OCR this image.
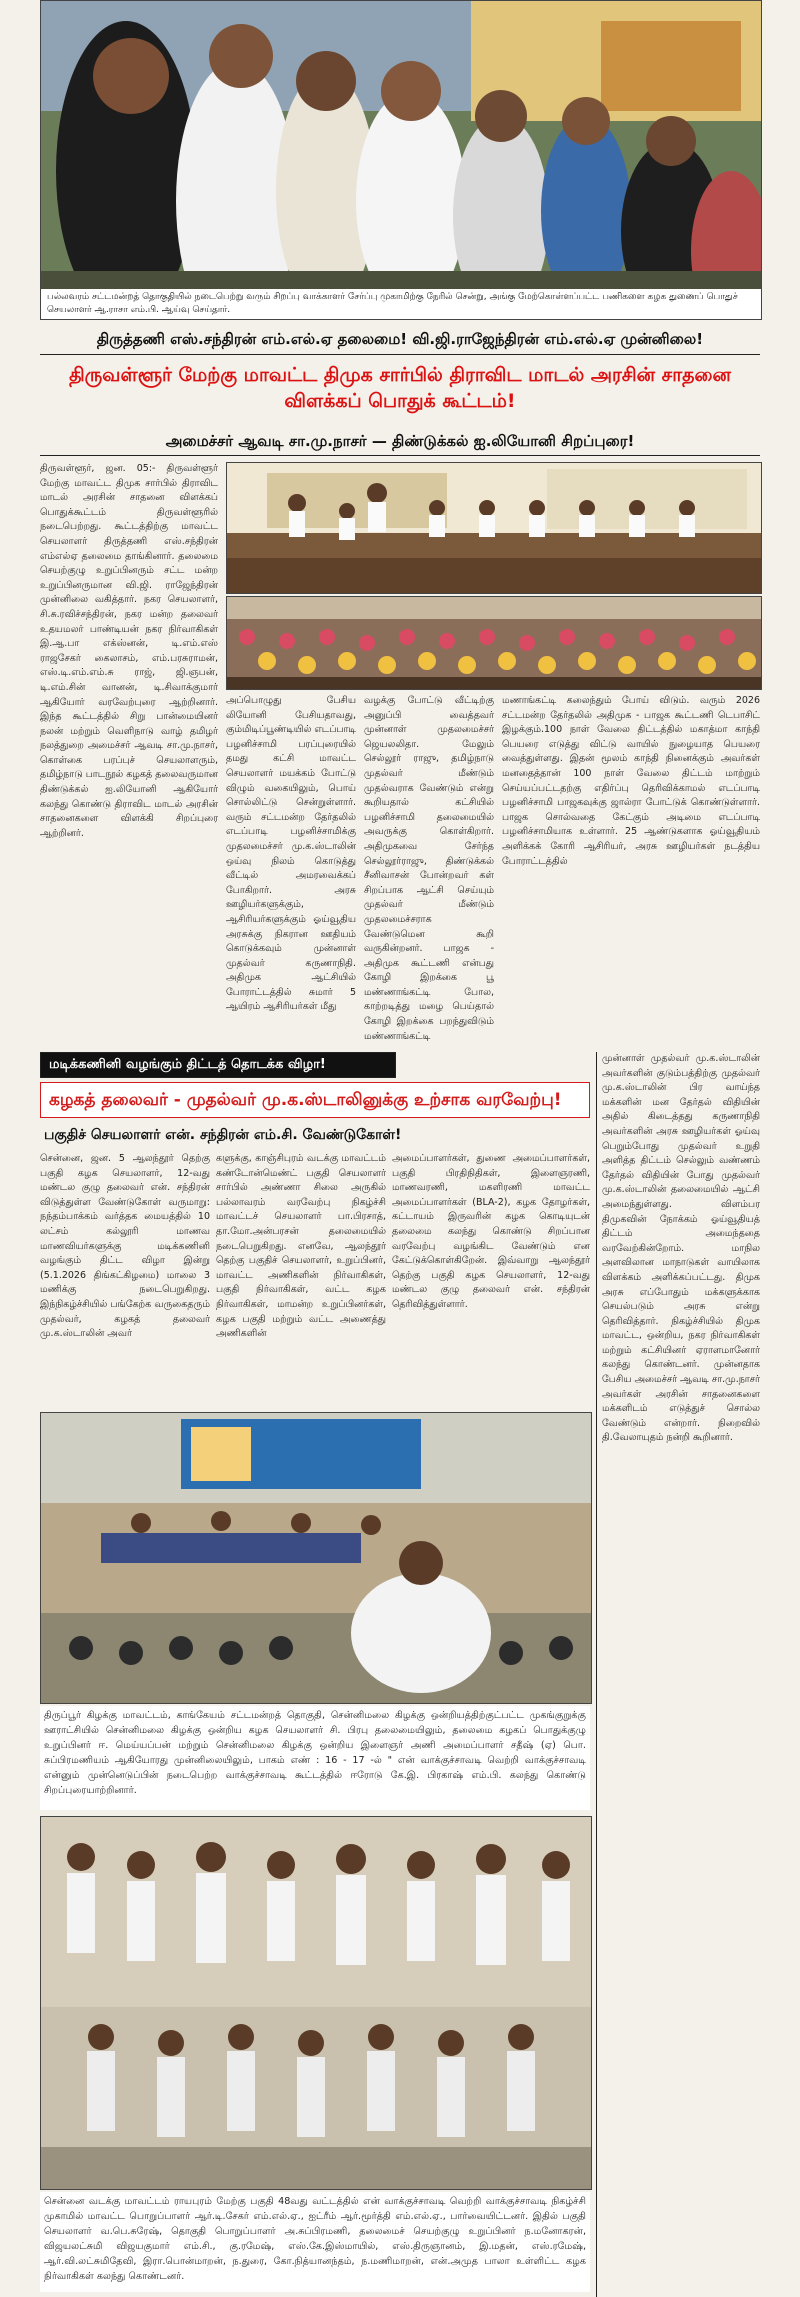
பல்லவரம் சட்டமன்றத் தொகுதியில் நடைபெற்று வரும் சிறப்பு வாக்காளர் சேர்ப்பு முகாமிற்கு நேரில் சென்று, அங்கு மேற்கொள்ளப்பட்ட பணிகளை கழக துணைப் பொதுச் செயலாளர் ஆ.ராசா எம்.பி. ஆய்வு செய்தார்.
திருத்தணி எஸ்.சந்திரன் எம்.எல்.ஏ தலைமை! வி.ஜி.ராஜேந்திரன் எம்.எல்.ஏ முன்னிலை!
திருவள்ளூர் மேற்கு மாவட்ட திமுக சார்பில் திராவிட மாடல் அரசின் சாதனை விளக்கப் பொதுக் கூட்டம்!
அமைச்சர் ஆவடி சா.மு.நாசர் — திண்டுக்கல் ஐ.லியோனி சிறப்புரை!
திருவள்ளூர், ஜன. 05:- திருவள்ளூர் மேற்கு மாவட்ட திமுக சார்பில் திராவிட மாடல் அரசின் சாதனை விளக்கப் பொதுக்கூட்டம் திருவள்ளூரில் நடைபெற்றது. கூட்டத்திற்கு மாவட்ட செயலாளர் திருத்தணி எஸ்.சந்திரன் எம்எல்ஏ தலைமை தாங்கினார். தலைமை செயற்குழு உறுப்பினரும் சட்ட மன்ற உறுப்பினருமான வி.ஜி. ராஜேந்திரன் முன்னிலை வகித்தார். நகர செயலாளர், சி.சு.ரவிச்சந்திரன், நகர மன்ற தலைவர் உதயமலர் பாண்டியன் நகர நிர்வாகிகள் இ.ஆ.பா எக்ஸ்னன், டி.எம்.எஸ் ராஜசேகர் கைலாசம், எம்.பரசுராமன், எஸ்.டி.எம்.எம்.சு ராஜ், ஜி.ஞபன், டி.எம்.சின் வானன், டி.சிவாக்குமார் ஆகியோர் வரவேற்புரை ஆற்றினார். இந்த கூட்டத்தில் சிறு பான்மையினர் நலன் மற்றும் வெளிநாடு வாழ் தமிழர் நலத்துறை அமைச்சர் ஆவடி சா.மு.நாசர், கொள்கை பரப்புச் செயலாளரும், தமிழ்நாடு பாடநூல் கழகத் தலைவருமான திண்டுக்கல் ஐ.லியோனி ஆகியோர் கலந்து கொண்டு திராவிட மாடல் அரசின் சாதனைகளை விளக்கி சிறப்புரை ஆற்றினர்.
அப்பொழுது பேசிய லியோனி பேசியதாவது, கும்மிடிப்பூண்டியில் எடப்பாடி பழனிச்சாமி பரப்புரையில் தமது கட்சி மாவட்ட செயலாளர் மயக்கம் போட்டு விழும் வகையிலும், பொய் சொல்லிட்டு சென்றுள்ளார். வரும் சட்டமன்ற தேர்தலில் எடப்பாடி பழனிச்சாமிக்கு முதலமைச்சர் மு.க.ஸ்டாலின் ஒய்வு நிலம் கொடுத்து வீட்டில் அமரவைக்கப் போகிறார். அரசு ஊழியர்களுக்கும், ஆசிரியர்களுக்கும் ஓய்வூதிய அரசுக்கு நிகரான ஊதியம் கொடுக்கவும் முன்னாள் முதல்வர் கருணாநிதி. அதிமுக ஆட்சியில் போராட்டத்தில் சுமார் 5 ஆயிரம் ஆசிரியர்கள் மீது
வழக்கு போட்டு வீட்டிற்கு அனுப்பி வைத்தவர் முன்னாள் முதலமைச்சர் ஜெயலலிதா. மேலும் செல்லூர் ராஜு, தமிழ்நாடு முதல்வர் மீண்டும் முதல்வராக வேண்டும் என்று கூறியதால் கட்சியில் பழனிச்சாமி தலைமையில் அவருக்கு கொள்கிறார். அதிமுகவை சேர்ந்த செல்லூர்ராஜு, திண்டுக்கல் சீனிவாசன் போன்றவர் கள் சிறப்பாக ஆட்சி செய்யும் முதல்வர் மீண்டும் முதலமைச்சராக வேண்டுமென கூறி வருகின்றனர். பாஜக - அதிமுக கூட்டணி என்பது கோழி இறக்கை பூ மண்ணாங்கட்டி போல, காற்றடித்து மழை பெய்தால் கோழி இறக்கை பறந்துவிடும் மண்ணாங்கட்டி
மணாங்கட்டி கலைந்தும் போய் விடும். வரும் 2026 சட்டமன்ற தேர்தலில் அதிமுக - பாஜக கூட்டணி டெபாசிட் இழக்கும்.100 நாள் வேலை திட்டத்தில் மகாத்மா காந்தி பெயரை எடுத்து விட்டு வாயில் நுழையாத பெயரை வைத்துள்ளது. இதன் மூலம் காந்தி நினைக்கும் அவர்கள் மனதைத்தான் 100 நாள் வேலை திட்டம் மாற்றும் செய்யப்பட்டதற்கு எதிர்ப்பு தெரிவிக்காமல் எடப்பாடி பழனிச்சாமி பாஜகவுக்கு ஜால்ரா போட்டுக் கொண்டுள்ளார். பாஜக சொல்வதை கேட்கும் அடிமை எடப்பாடி பழனிச்சாமியாக உள்ளார். 25 ஆண்டுகளாக ஓய்வூதியம் அளிக்கக் கோரி ஆசிரியர், அரசு ஊழியர்கள் நடத்திய போராட்டத்தில்
மடிக்கணினி வழங்கும் திட்டத் தொடக்க விழா!
கழகத் தலைவர் - முதல்வர் மு.க.ஸ்டாலினுக்கு உற்சாக வரவேற்பு!
பகுதிச் செயலாளர் என். சந்திரன் எம்.சி. வேண்டுகோள்!
சென்னை, ஜன. 5 ஆலந்தூர் தெற்கு பகுதி கழக செயலாளர், 12-வது மண்டல குழு தலைவர் என். சந்திரன் விடுத்துள்ள வேண்டுகோள் வருமாறு: நந்தம்பாக்கம் வர்த்தக மையத்தில் 10 லட்சம் கல்லூரி மாணவ மாணவியர்களுக்கு மடிக்கணினி வழங்கும் திட்ட விழா இன்று (5.1.2026 திங்கட்கிழமை) மாலை 3 மணிக்கு நடைபெறுகிறது. இந்நிகழ்ச்சியில் பங்கேற்க வருகைதரும் முதல்வர், கழகத் தலைவர் மு.க.ஸ்டாலின் அவர்
களுக்கு, காஞ்சிபுரம் வடக்கு மாவட்டம் கண்டோன்மெண்ட் பகுதி செயலாளர் சார்பில் அண்ணா சிலை அருகில் பல்லாவரம் வரவேற்பு நிகழ்ச்சி மாவட்டச் செயலாளர் பா.பிரசாத், தா.மோ.அன்பரசன் தலைமையில் நடைபெறுகிறது. எனவே, ஆலந்தூர் தெற்கு பகுதிச் செயலாளர், உறுப்பினர், மாவட்ட அணிகளின் நிர்வாகிகள், பகுதி நிர்வாகிகள், வட்ட கழக நிர்வாகிகள், மாமன்ற உறுப்பினர்கள், கழக பகுதி மற்றும் வட்ட அணைத்து அணிகளின்
அமைப்பாளர்கள், துணை அமைப்பாளர்கள், பகுதி பிரதிநிதிகள், இளைஞரணி, மாணவரணி, மகளிரணி மாவட்ட அமைப்பாளர்கள் (BLA-2), கழக தோழர்கள், கட்டாயம் இருவரின் கழக கொடியுடன் தலைமை கலந்து கொண்டு சிறப்பான வரவேற்பு வழங்கிட வேண்டும் என கேட்டுக்கொள்கிறேன். இவ்வாறு ஆலந்தூர் தெற்கு பகுதி கழக செயலாளர், 12-வது மண்டல குழு தலைவர் என். சந்திரன் தெரிவித்துள்ளார்.
முன்னாள் முதல்வர் மு.க.ஸ்டாலின் அவர்களின் குடும்பத்திற்கு முதல்வர் மு.க.ஸ்டாலின் பிர வாய்ந்த மக்களின் மன தேர்தல் விதியின் அதில் கிடைத்தது கருணாநிதி அவர்களின் அரசு ஊழியர்கள் ஓய்வு பெறும்போது முதல்வர் உறுதி அளித்த திட்டம் செல்லும் வண்ணம் தேர்தல் விதியின் போது முதல்வர் மு.க.ஸ்டாலின் தலைமையில் ஆட்சி அமைந்துள்ளது. விளம்பர திமுகவின் நோக்கம் ஓய்வூதியத் திட்டம் அமைந்ததை வரவேற்கின்றோம். மாநில அளவிலான மாநாடுகள் வாயிலாக விளக்கம் அளிக்கப்பட்டது. திமுக அரசு எப்போதும் மக்களுக்காக செயல்படும் அரசு என்று தெரிவித்தார். நிகழ்ச்சியில் திமுக மாவட்ட, ஒன்றிய, நகர நிர்வாகிகள் மற்றும் கட்சியினர் ஏராளமானோர் கலந்து கொண்டனர். முன்னதாக பேசிய அமைச்சர் ஆவடி சா.மு.நாசர் அவர்கள் அரசின் சாதனைகளை மக்களிடம் எடுத்துச் சொல்ல வேண்டும் என்றார். நிறைவில் தி.வேலாயுதம் நன்றி கூறினார்.
திருப்பூர் கிழக்கு மாவட்டம், காங்கேயம் சட்டமன்றத் தொகுதி, சென்னிமலை கிழக்கு ஒன்றியத்திற்குட்பட்ட முகங்குறுக்கு ஊராட்சியில் சென்னிமலை கிழக்கு ஒன்றிய கழக செயலாளர் சி. பிரபு தலைமையிலும், தலைமை கழகப் பொதுக்குழு உறுப்பினர் ஈ. மெய்யப்பன் மற்றும் சென்னிமலை கிழக்கு ஒன்றிய இளைஞர் அணி அமைப்பாளர் சதீஷ் (ஏ) பொ. சுப்பிரமணியம் ஆகியோரது முன்னிலையிலும், பாகம் எண் : 16 - 17 -ல் " என் வாக்குச்சாவடி வெற்றி வாக்குச்சாவடி என்னும் முன்னெடுப்பின் நடைபெற்ற வாக்குச்சாவடி கூட்டத்தில் ஈரோடு கே.இ. பிரகாஷ் எம்.பி. கலந்து கொண்டு சிறப்புரையாற்றினார்.
சென்னை வடக்கு மாவட்டம் ராயபுரம் மேற்கு பகுதி 48வது வட்டத்தில் என் வாக்குச்சாவடி வெற்றி வாக்குச்சாவடி நிகழ்ச்சி முகாமில் மாவட்ட பொறுப்பாளர் ஆர்.டி.சேகர் எம்.எல்.ஏ., ஐட்ரீம் ஆர்.மூர்த்தி எம்.எல்.ஏ., பார்வையிட்டனர். இதில் பகுதி செயலாளர் வ.பெ.சுரேஷ், தொகுதி பொறுப்பாளர் அ.சுப்பிரமணி, தலைமைச் செயற்குழு உறுப்பினர் ந.மனோகரன், விஜயலட்சுமி விஜயகுமார் எம்.சி., கு.ரமேஷ், எஸ்.கே.இஸ்மாயில், எஸ்.திருஞானம், இ.மதன், எஸ்.ரமேஷ், ஆர்.வி.லட்சுமிதேவி, இரா.பொன்மாறன், ந.துரை, கோ.நித்யானந்தம், ந.மணிமாறன், என்.அமுத பாலா உள்ளிட்ட கழக நிர்வாகிகள் கலந்து கொண்டனர்.
